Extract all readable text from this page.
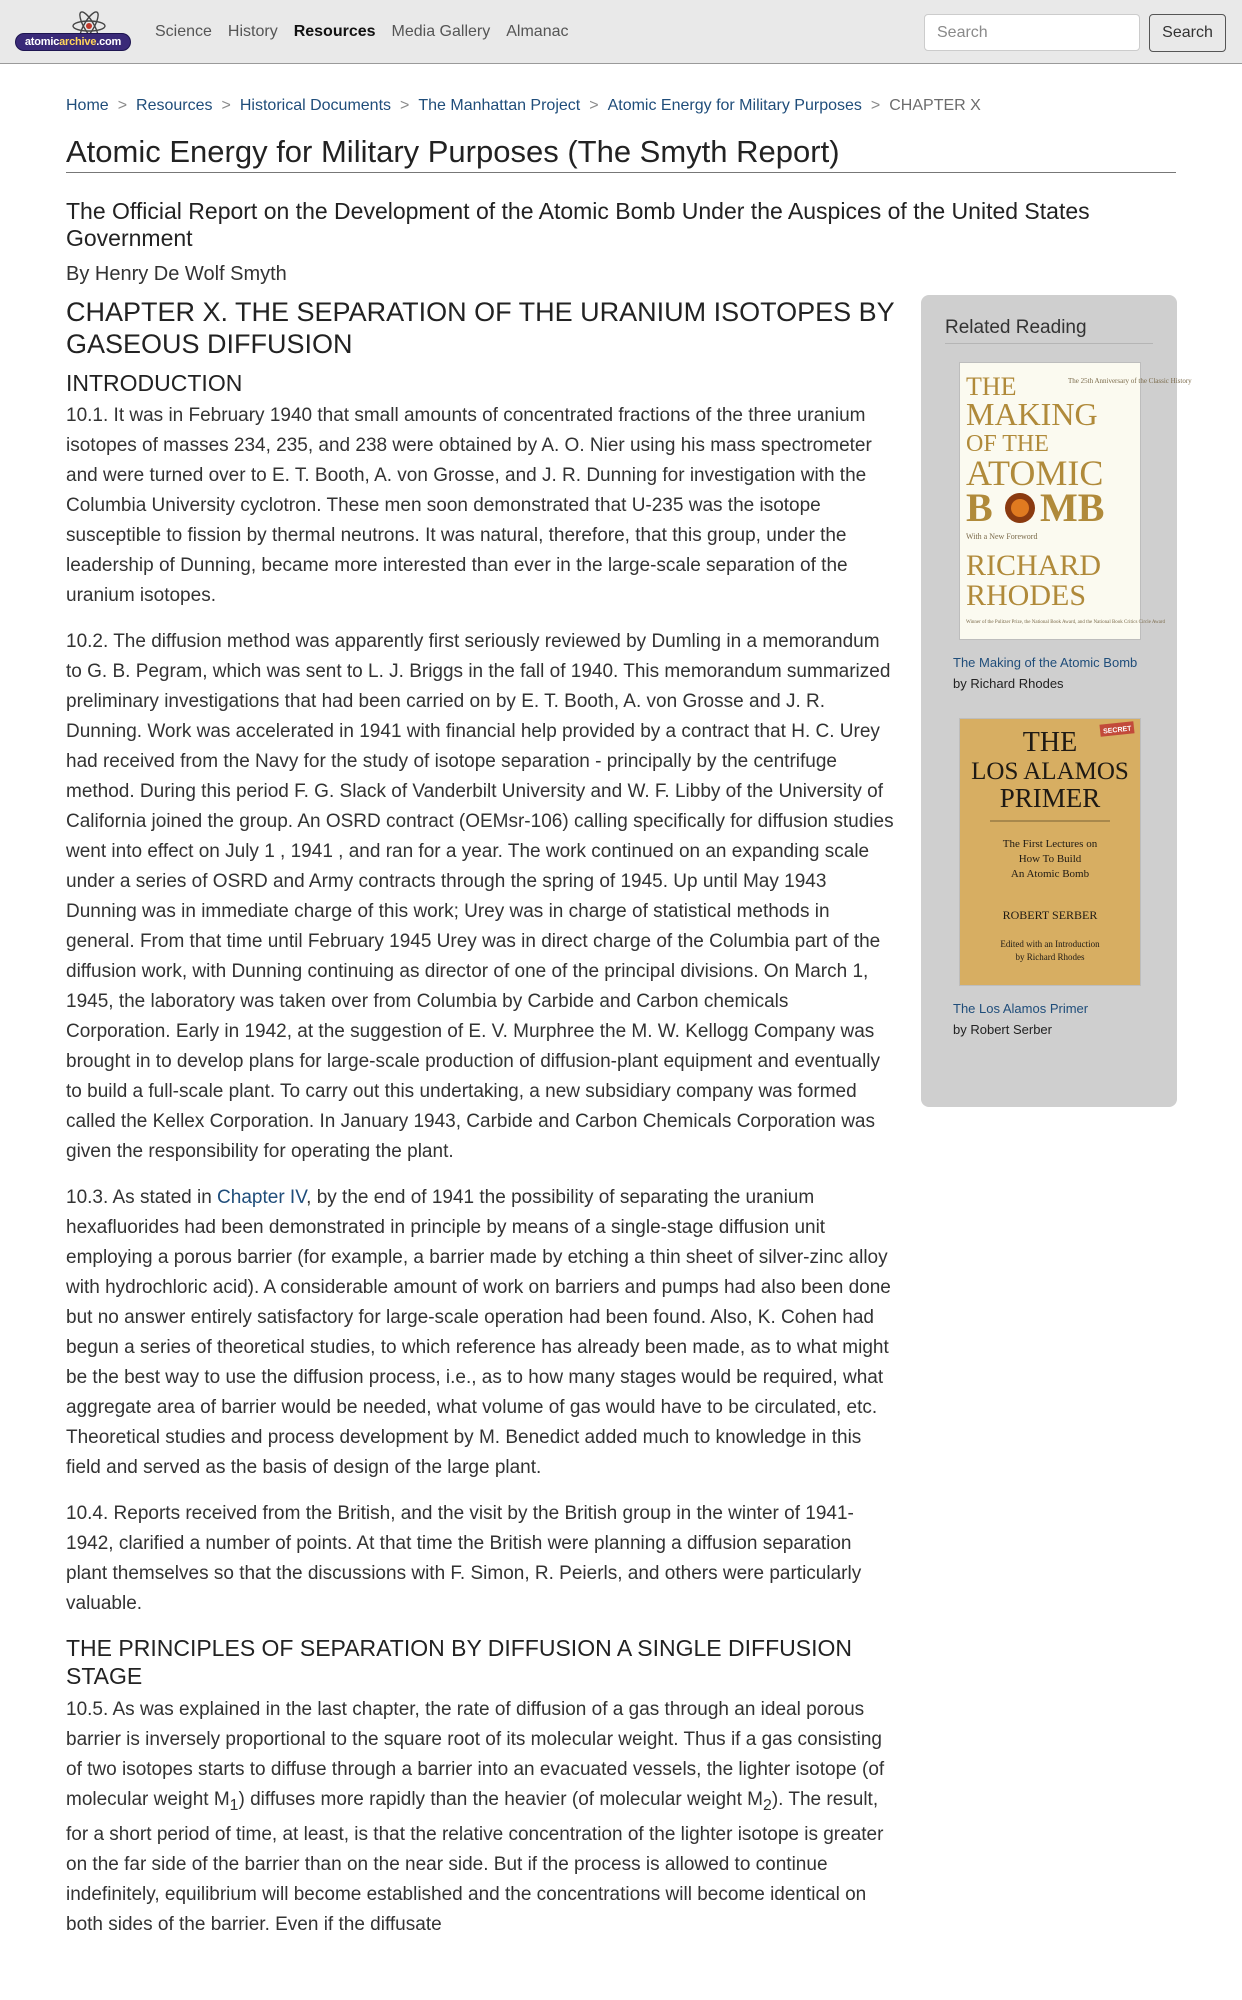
atomic archive .com
Science History Resources Media Gallery Almanac
Search	Search
Home > Resources > Historical Documents > The Manhattan Project > Atomic Energy for Military Purposes > CHAPTER X
Atomic Energy for Military Purposes (The Smyth Report)
The Official Report on the Development of the Atomic Bomb Under the Auspices of the United States Government
By Henry De Wolf Smyth
CHAPTER X. THE SEPARATION OF THE URANIUM ISOTOPES BY GASEOUS DIFFUSION
INTRODUCTION

10.1. It was in February 1940 that small amounts of concentrated fractions of the three uranium isotopes of masses 234, 235, and 238 were obtained by A. O. Nier using his mass spectrometer and were turned over to E. T. Booth, A. von Grosse, and J. R. Dunning for investigation with the Columbia University cyclotron. These men soon demonstrated that U-235 was the isotope susceptible to fission by thermal neutrons. It was natural, therefore, that this group, under the leadership of Dunning, became more interested than ever in the large-scale separation of the uranium isotopes.

10.2. The diffusion method was apparently first seriously reviewed by Dumling in a memorandum to G. B. Pegram, which was sent to L. J. Briggs in the fall of 1940. This memorandum summarized preliminary investigations that had been carried on by E. T. Booth, A. von Grosse and J. R. Dunning. Work was accelerated in 1941 with financial help provided by a contract that H. C. Urey had received from the Navy for the study of isotope separation - principally by the centrifuge method. During this period F. G. Slack of Vanderbilt University and W. F. Libby of the University of California joined the group. An OSRD contract (OEMsr-106) calling specifically for diffusion studies went into effect on July 1 , 1941 , and ran for a year. The work continued on an expanding scale under a series of OSRD and Army contracts through the spring of 1945. Up until May 1943 Dunning was in immediate charge of this work; Urey was in charge of statistical methods in general. From that time until February 1945 Urey was in direct charge of the Columbia part of the diffusion work, with Dunning continuing as director of one of the principal divisions. On March 1, 1945, the laboratory was taken over from Columbia by Carbide and Carbon chemicals Corporation. Early in 1942, at the suggestion of E. V. Murphree the M. W. Kellogg Company was brought in to develop plans for large-scale production of diffusion-plant equipment and eventually to build a full-scale plant. To carry out this undertaking, a new subsidiary company was formed called the Kellex Corporation. In January 1943, Carbide and Carbon Chemicals Corporation was given the responsibility for operating the plant.

10.3. As stated in Chapter IV, by the end of 1941 the possibility of separating the uranium hexafluorides had been demonstrated in principle by means of a single-stage diffusion unit employing a porous barrier (for example, a barrier made by etching a thin sheet of silver-zinc alloy with hydrochloric acid). A considerable amount of work on barriers and pumps had also been done but no answer entirely satisfactory for large-scale operation had been found. Also, K. Cohen had begun a series of theoretical studies, to which reference has already been made, as to what might be the best way to use the diffusion process, i.e., as to how many stages would be required, what aggregate area of barrier would be needed, what volume of gas would have to be circulated, etc. Theoretical studies and process development by M. Benedict added much to knowledge in this field and served as the basis of design of the large plant.

10.4. Reports received from the British, and the visit by the British group in the winter of 1941-1942, clarified a number of points. At that time the British were planning a diffusion separation plant themselves so that the discussions with F. Simon, R. Peierls, and others were particularly valuable.

THE PRINCIPLES OF SEPARATION BY DIFFUSION A SINGLE DIFFUSION STAGE

10.5. As was explained in the last chapter, the rate of diffusion of a gas through an ideal porous barrier is inversely proportional to the square root of its molecular weight. Thus if a gas consisting of two isotopes starts to diffuse through a barrier into an evacuated vessels, the lighter isotope (of molecular weight $M_1$) diffuses more rapidly than the heavier (of molecular weight $M_2$). The result, for a short period of time, at least, is that the relative concentration of the lighter isotope is greater on the far side of the barrier than on the near side. But if the process is allowed to continue indefinitely, equilibrium will become established and the concentrations will become identical on both sides of the barrier. Even if the diffusate

Related Reading
The 25th Anniversary of the Classic History
THE
MAKING
OF THE
ATOMIC
B MB
With a New Foreword
RICHARD
RHODES
Winner of the Pulitzer Prize, the National Book Award, and the National Book Critics Circle Award
The Making of the Atomic Bomb
by Richard Rhodes
SECRET
THE
LOS ALAMOS
PRIMER
The First Lectures on
How To Build
An Atomic Bomb
ROBERT SERBER
Edited with an Introduction
by Richard Rhodes
The Los Alamos Primer
by Robert Serber
